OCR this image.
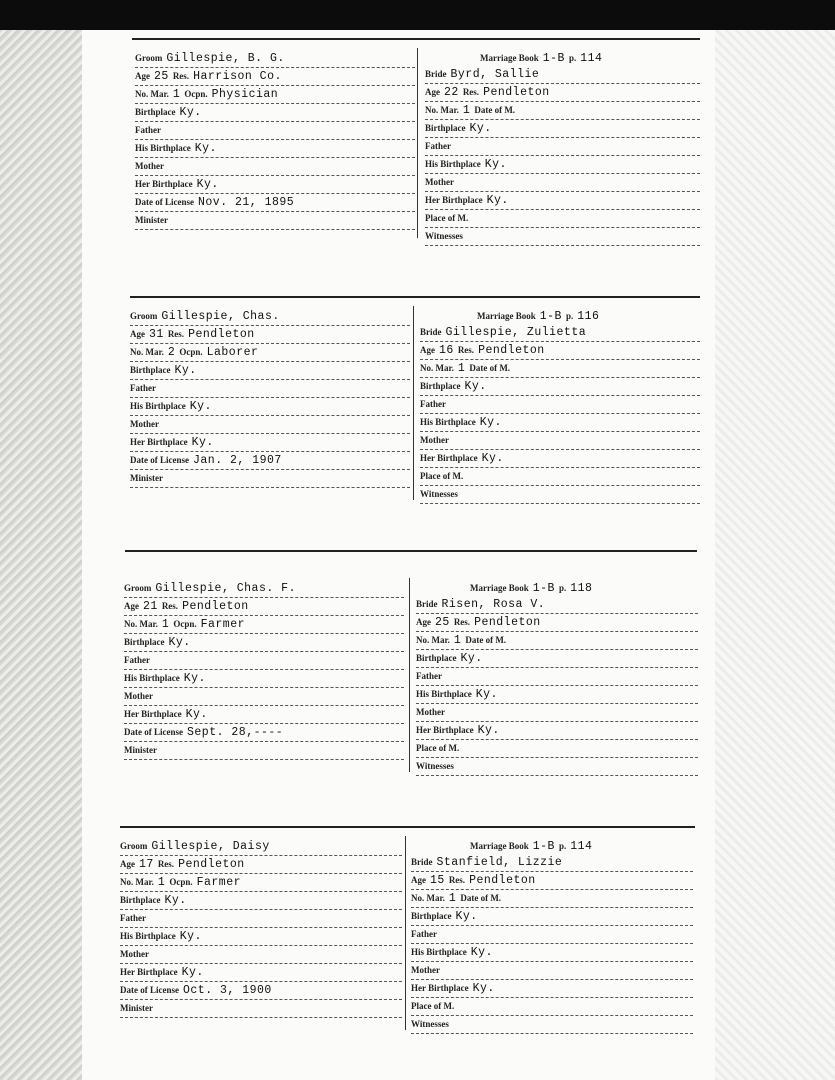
Groom Gillespie, B. G.
Age 25 Res. Harrison Co.
No. Mar. 1 Ocpn. Physician
Birthplace Ky.
Father
His Birthplace Ky.
Mother
Her Birthplace Ky.
Date of License Nov. 21, 1895
Minister
Marriage Book 1-B p. 114
Bride Byrd, Sallie
Age 22 Res. Pendleton
No. Mar. 1 Date of M.
Birthplace Ky.
Father
His Birthplace Ky.
Mother
Her Birthplace Ky.
Place of M.
Witnesses
Groom Gillespie, Chas.
Age 31 Res. Pendleton
No. Mar. 2 Ocpn. Laborer
Birthplace Ky.
Father
His Birthplace Ky.
Mother
Her Birthplace Ky.
Date of License Jan. 2, 1907
Minister
Marriage Book 1-B p. 116
Bride Gillespie, Zulietta
Age 16 Res. Pendleton
No. Mar. 1 Date of M.
Birthplace Ky.
Father
His Birthplace Ky.
Mother
Her Birthplace Ky.
Place of M.
Witnesses
Groom Gillespie, Chas. F.
Age 21 Res. Pendleton
No. Mar. 1 Ocpn. Farmer
Birthplace Ky.
Father
His Birthplace Ky.
Mother
Her Birthplace Ky.
Date of License Sept. 28,----
Minister
Marriage Book 1-B p. 118
Bride Risen, Rosa V.
Age 25 Res. Pendleton
No. Mar. 1 Date of M.
Birthplace Ky.
Father
His Birthplace Ky.
Mother
Her Birthplace Ky.
Place of M.
Witnesses
Groom Gillespie, Daisy
Age 17 Res. Pendleton
No. Mar. 1 Ocpn. Farmer
Birthplace Ky.
Father
His Birthplace Ky.
Mother
Her Birthplace Ky.
Date of License Oct. 3, 1900
Minister
Marriage Book 1-B p. 114
Bride Stanfield, Lizzie
Age 15 Res. Pendleton
No. Mar. 1 Date of M.
Birthplace Ky.
Father
His Birthplace Ky.
Mother
Her Birthplace Ky.
Place of M.
Witnesses
